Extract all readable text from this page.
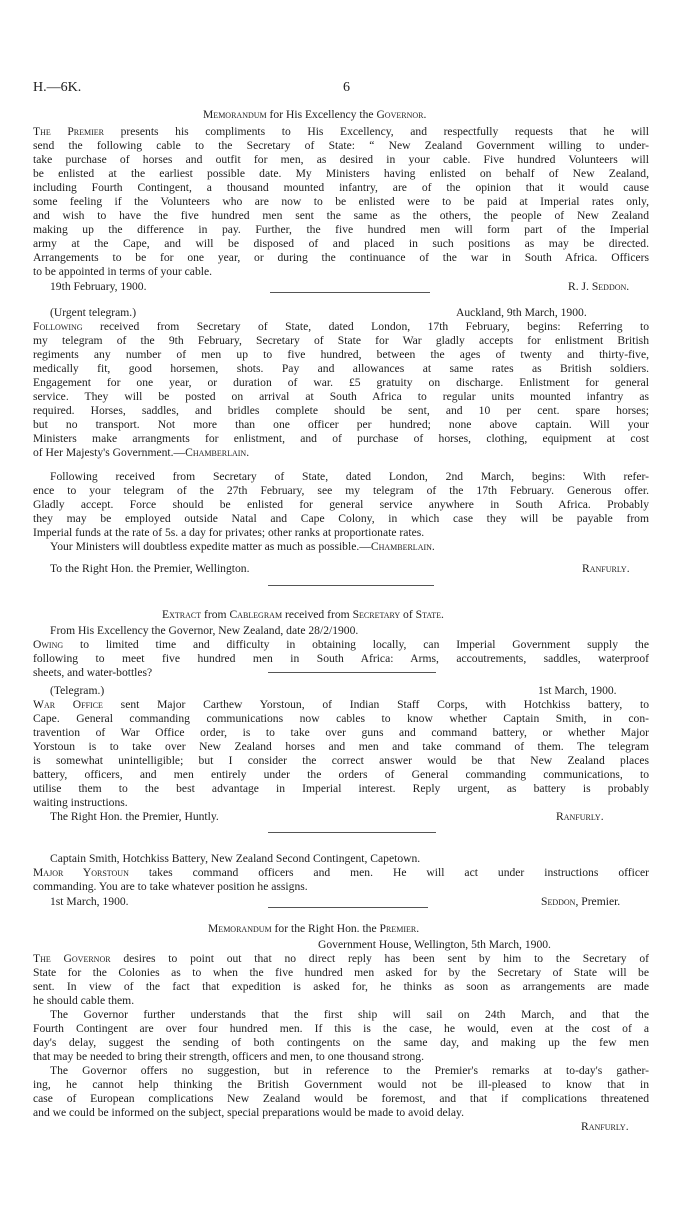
H.—6K.	6
Memorandum for His Excellency the Governor.
The Premier presents his compliments to His Excellency, and respectfully requests that he will
send the following cable to the Secretary of State: “ New Zealand Government willing to under-
take purchase of horses and outfit for men, as desired in your cable. Five hundred Volunteers will
be enlisted at the earliest possible date. My Ministers having enlisted on behalf of New Zealand,
including Fourth Contingent, a thousand mounted infantry, are of the opinion that it would cause
some feeling if the Volunteers who are now to be enlisted were to be paid at Imperial rates only,
and wish to have the five hundred men sent the same as the others, the people of New Zealand
making up the difference in pay. Further, the five hundred men will form part of the Imperial
army at the Cape, and will be disposed of and placed in such positions as may be directed.
Arrangements to be for one year, or during the continuance of the war in South Africa. Officers
to be appointed in terms of your cable.
19th February, 1900.	R. J. Seddon.
(Urgent telegram.)	Auckland, 9th March, 1900.
Following received from Secretary of State, dated London, 17th February, begins: Referring to
my telegram of the 9th February, Secretary of State for War gladly accepts for enlistment British
regiments any number of men up to five hundred, between the ages of twenty and thirty-five,
medically fit, good horsemen, shots. Pay and allowances at same rates as British soldiers.
Engagement for one year, or duration of war. £5 gratuity on discharge. Enlistment for general
service. They will be posted on arrival at South Africa to regular units mounted infantry as
required. Horses, saddles, and bridles complete should be sent, and 10 per cent. spare horses;
but no transport. Not more than one officer per hundred; none above captain. Will your
Ministers make arrangments for enlistment, and of purchase of horses, clothing, equipment at cost
of Her Majesty's Government.—Chamberlain.
Following received from Secretary of State, dated London, 2nd March, begins: With refer-
ence to your telegram of the 27th February, see my telegram of the 17th February. Generous offer.
Gladly accept. Force should be enlisted for general service anywhere in South Africa. Probably
they may be employed outside Natal and Cape Colony, in which case they will be payable from
Imperial funds at the rate of 5s. a day for privates; other ranks at proportionate rates.
Your Ministers will doubtless expedite matter as much as possible.—Chamberlain.
To the Right Hon. the Premier, Wellington.	Ranfurly.
Extract from Cablegram received from Secretary of State.
From His Excellency the Governor, New Zealand, date 28/2/1900.
Owing to limited time and difficulty in obtaining locally, can Imperial Government supply the
following to meet five hundred men in South Africa: Arms, accoutrements, saddles, waterproof
sheets, and water-bottles?
(Telegram.)	1st March, 1900.
War Office sent Major Carthew Yorstoun, of Indian Staff Corps, with Hotchkiss battery, to
Cape. General commanding communications now cables to know whether Captain Smith, in con-
travention of War Office order, is to take over guns and command battery, or whether Major
Yorstoun is to take over New Zealand horses and men and take command of them. The telegram
is somewhat unintelligible; but I consider the correct answer would be that New Zealand places
battery, officers, and men entirely under the orders of General commanding communications, to
utilise them to the best advantage in Imperial interest. Reply urgent, as battery is probably
waiting instructions.
The Right Hon. the Premier, Huntly.	Ranfurly.
Captain Smith, Hotchkiss Battery, New Zealand Second Contingent, Capetown.
Major Yorstoun takes command officers and men. He will act under instructions officer
commanding. You are to take whatever position he assigns.
1st March, 1900.	Seddon, Premier.
Memorandum for the Right Hon. the Premier.
Government House, Wellington, 5th March, 1900.
The Governor desires to point out that no direct reply has been sent by him to the Secretary of
State for the Colonies as to when the five hundred men asked for by the Secretary of State will be
sent. In view of the fact that expedition is asked for, he thinks as soon as arrangements are made
he should cable them.
The Governor further understands that the first ship will sail on 24th March, and that the
Fourth Contingent are over four hundred men. If this is the case, he would, even at the cost of a
day's delay, suggest the sending of both contingents on the same day, and making up the few men
that may be needed to bring their strength, officers and men, to one thousand strong.
The Governor offers no suggestion, but in reference to the Premier's remarks at to-day's gather-
ing, he cannot help thinking the British Government would not be ill-pleased to know that in
case of European complications New Zealand would be foremost, and that if complications threatened
and we could be informed on the subject, special preparations would be made to avoid delay.
Ranfurly.
